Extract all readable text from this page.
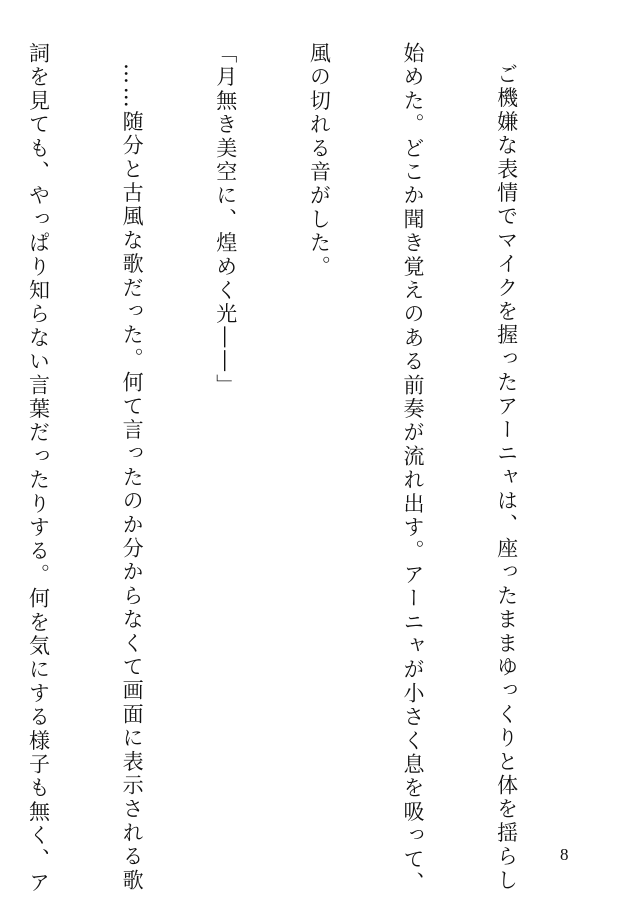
ご機嫌な表情でマイクを握ったアーニャは、座ったままゆっくりと体を揺らし

始めた。どこか聞き覚えのある前奏が流れ出す。アーニャが小さく息を吸って、

風の切れる音がした。

「月無き美空に、煌めく光――」

……随分と古風な歌だった。何て言ったのか分からなくて画面に表示される歌

詞を見ても、やっぱり知らない言葉だったりする。何を気にする様子も無く、ア

	8
